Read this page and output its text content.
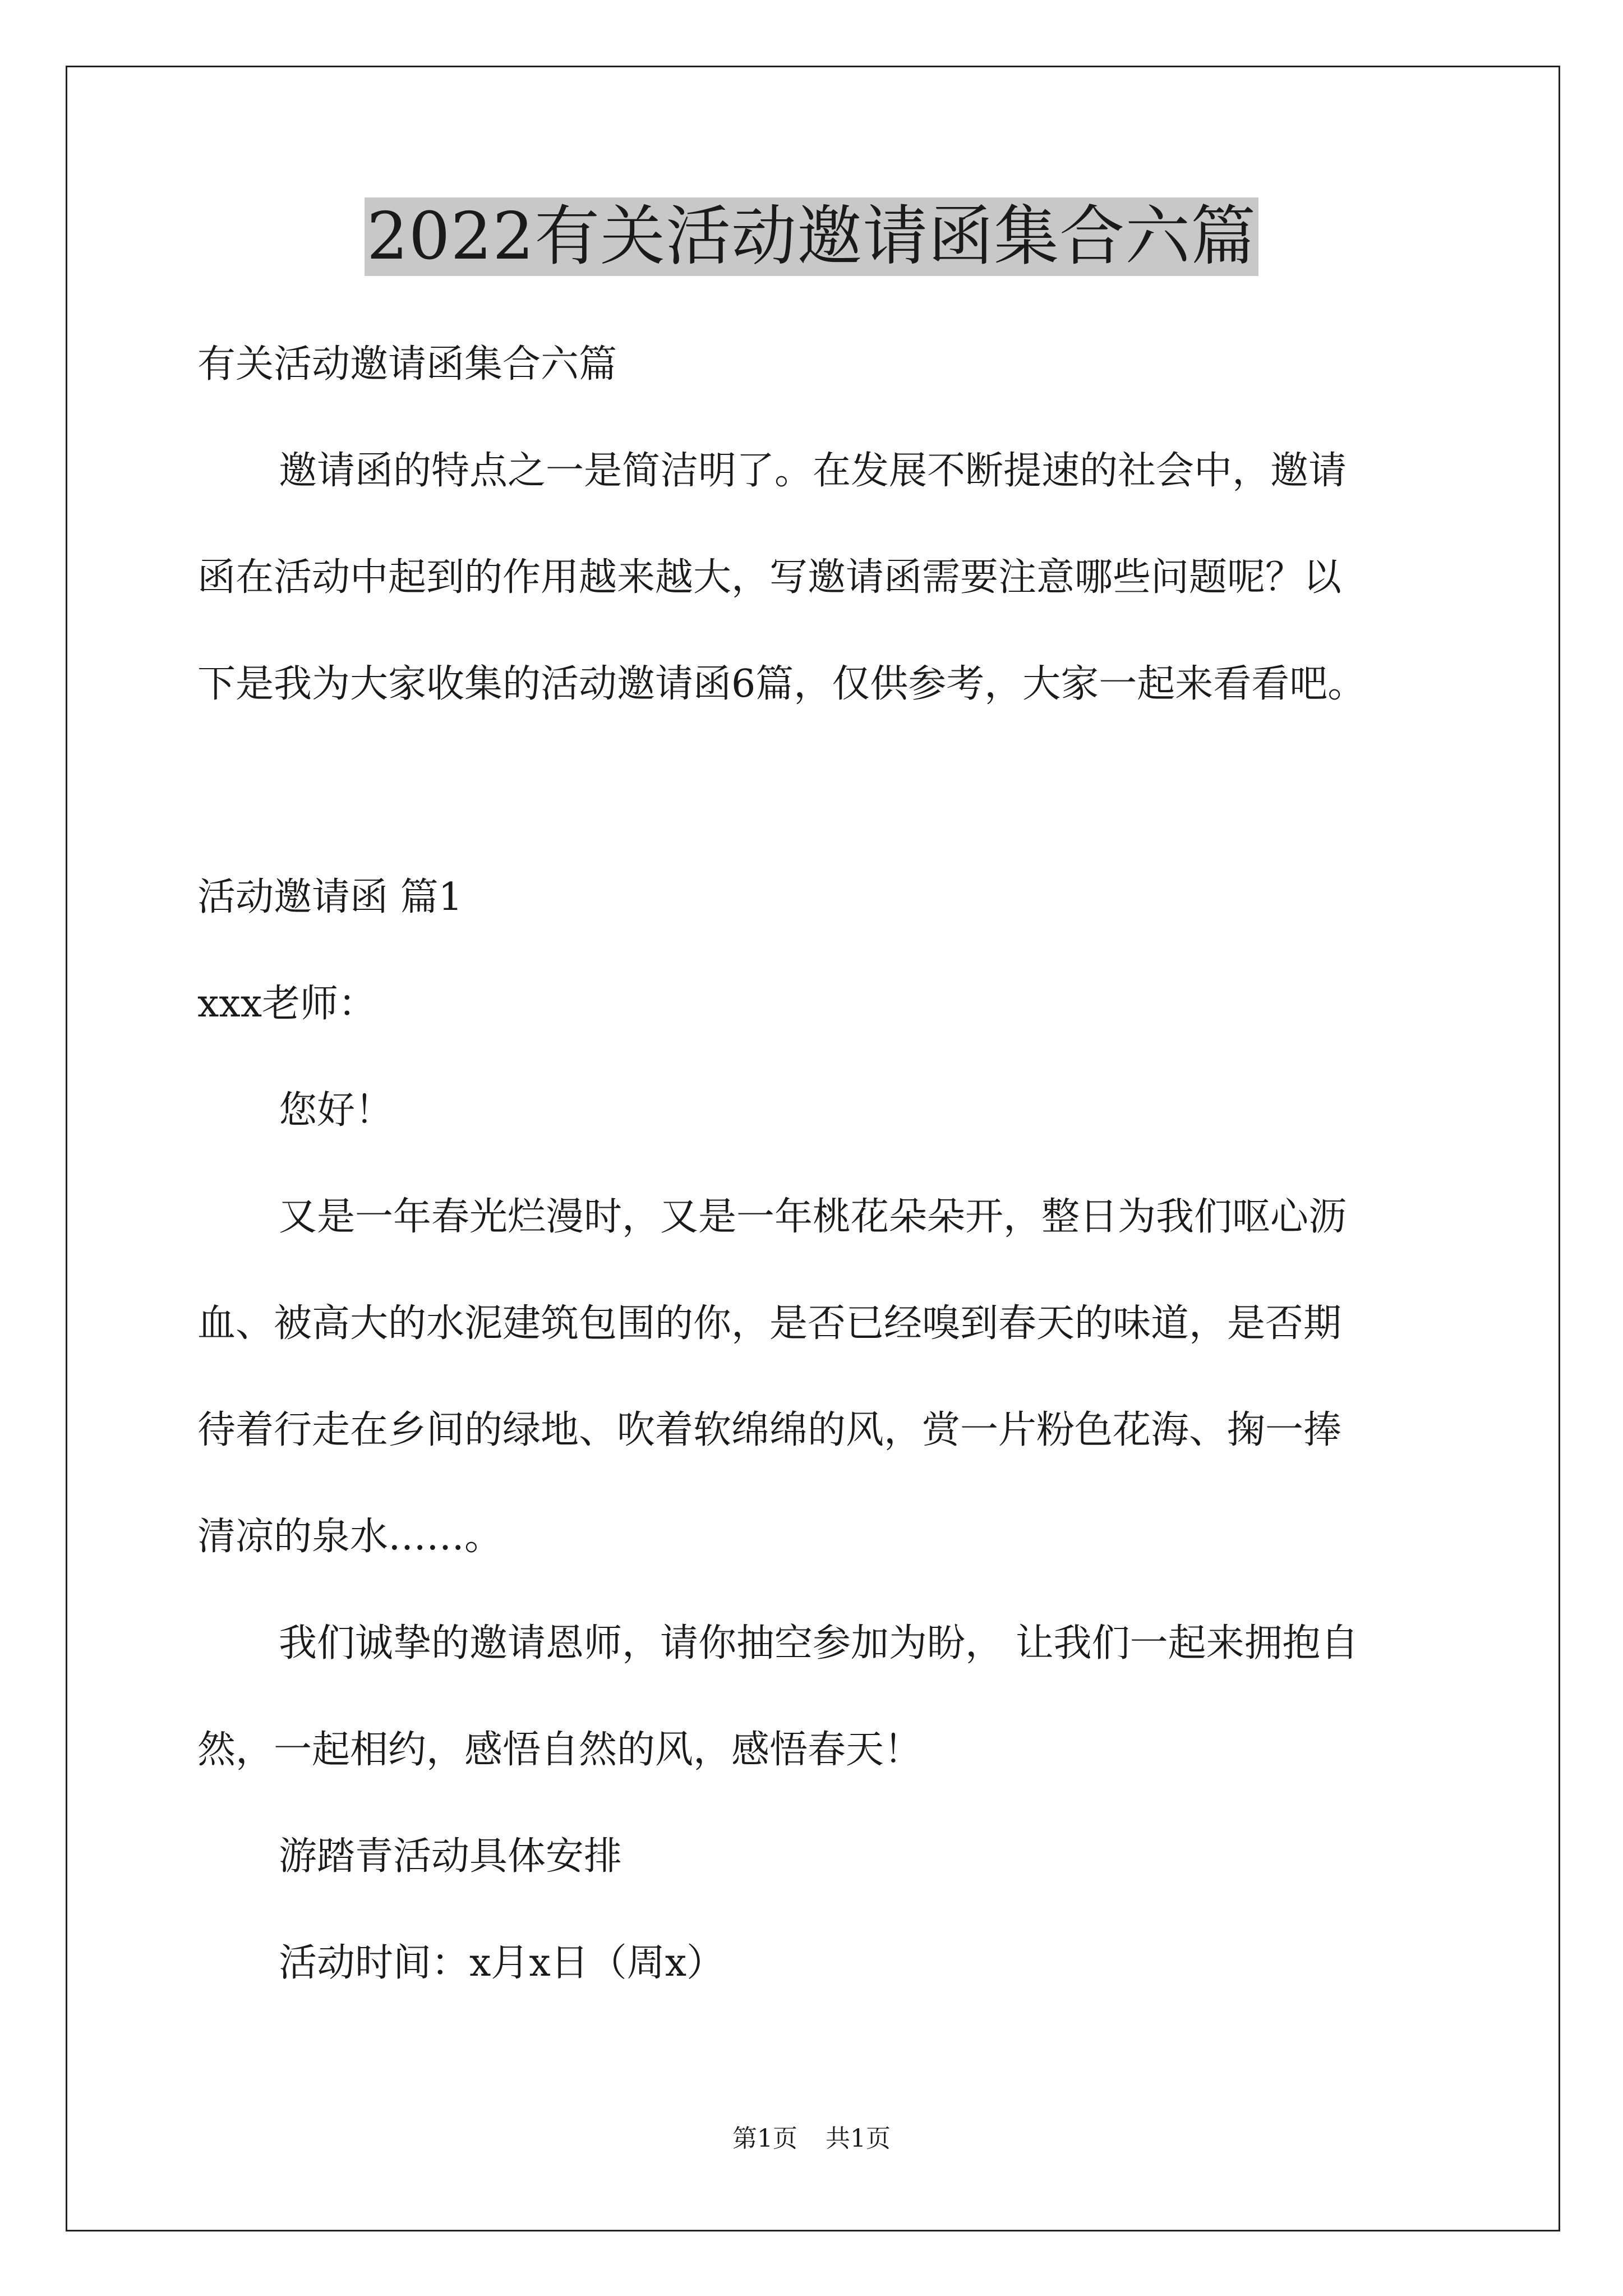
2022有关活动邀请函集合六篇

有关活动邀请函集合六篇

邀请函的特点之一是简洁明了。在发展不断提速的社会中，邀请

函在活动中起到的作用越来越大，写邀请函需要注意哪些问题呢？以

下是我为大家收集的活动邀请函6篇，仅供参考，大家一起来看看吧。

活动邀请函 篇1

xxx老师：

您好！

又是一年春光烂漫时，又是一年桃花朵朵开，整日为我们呕心沥

血、被高大的水泥建筑包围的你，是否已经嗅到春天的味道，是否期

待着行走在乡间的绿地、吹着软绵绵的风，赏一片粉色花海、掬一捧

清凉的泉水……。

我们诚挚的邀请恩师，请你抽空参加为盼， 让我们一起来拥抱自

然，一起相约，感悟自然的风，感悟春天！

游踏青活动具体安排

活动时间：x月x日（周x）

第1页 共1页
